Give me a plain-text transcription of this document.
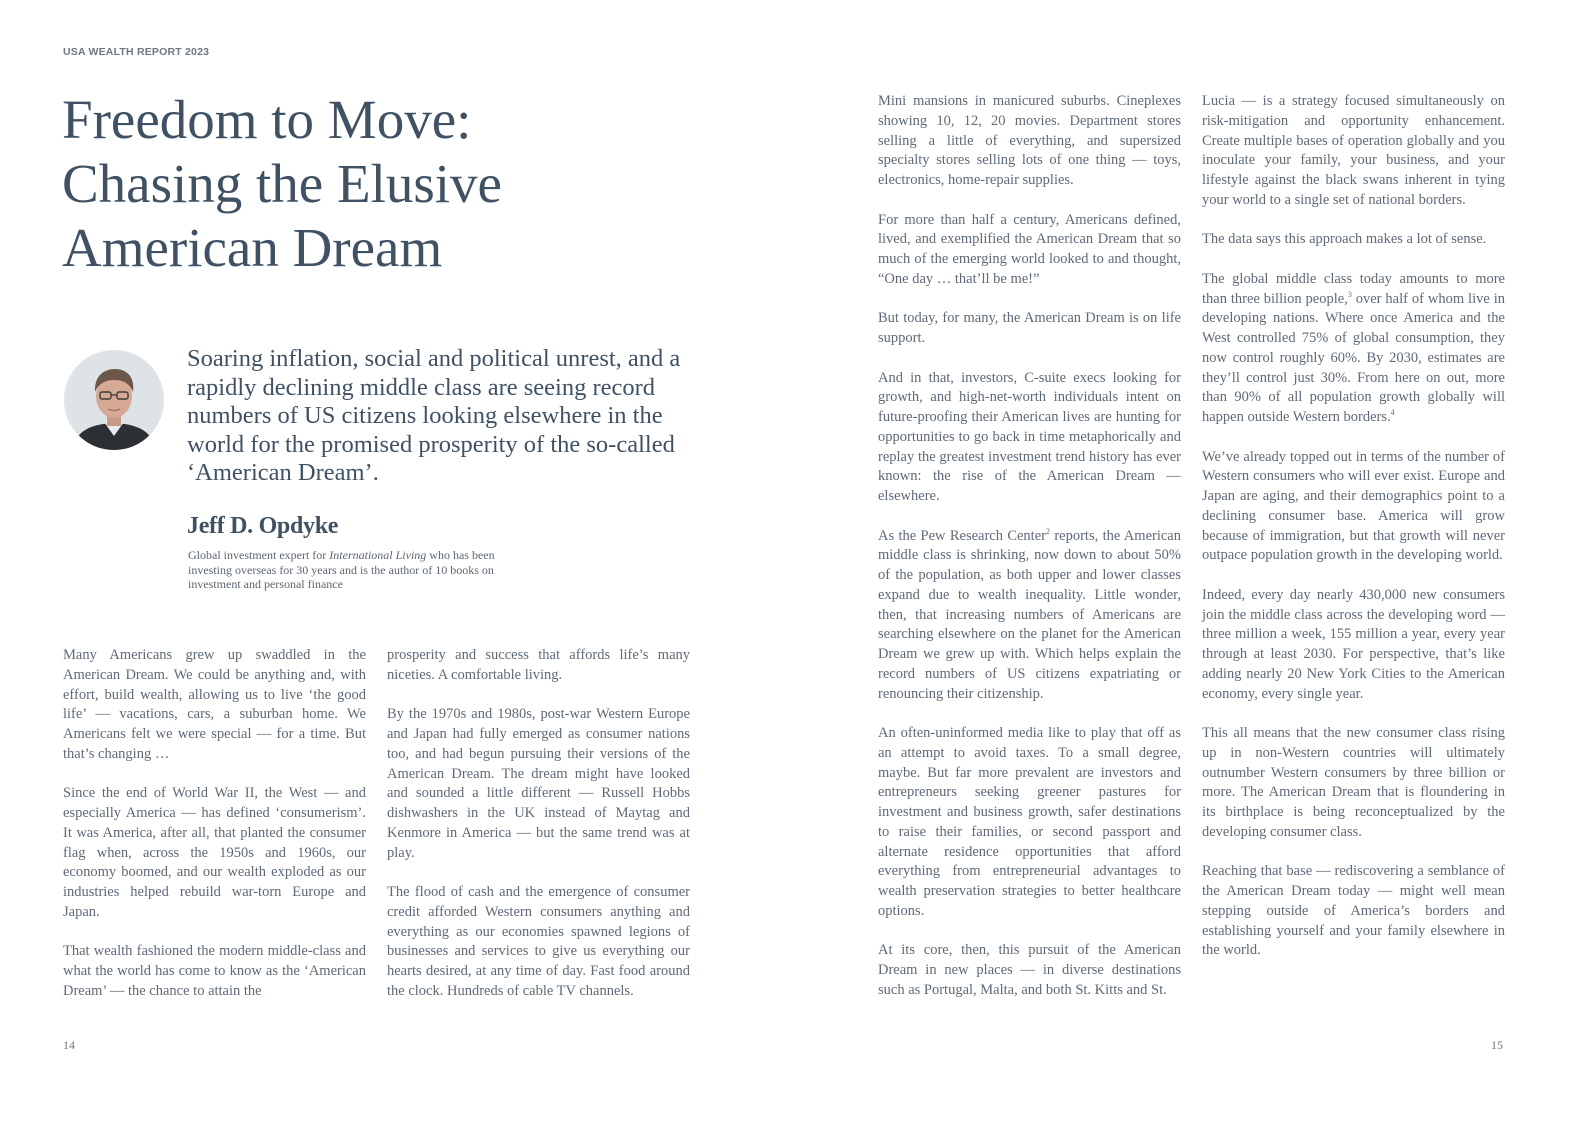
USA WEALTH REPORT 2023
Freedom to Move:
Chasing the Elusive
American Dream

Soaring inflation, social and political unrest, and a rapidly declining middle class are seeing record numbers of US citizens looking elsewhere in the world for the promised prosperity of the so-called ‘American Dream’.

Jeff D. Opdyke

Global investment expert for International Living who has been investing overseas for 30 years and is the author of 10 books on investment and personal finance

Many Americans grew up swaddled in the American Dream. We could be anything and, with effort, build wealth, allowing us to live ‘the good life’ — vacations, cars, a suburban home. We Americans felt we were special — for a time. But that’s changing …

Since the end of World War II, the West — and especially America — has defined ‘consumerism’. It was America, after all, that planted the consumer flag when, across the 1950s and 1960s, our economy boomed, and our wealth exploded as our industries helped rebuild war-torn Europe and Japan.

That wealth fashioned the modern middle-class and what the world has come to know as the ‘American Dream’ — the chance to attain the

prosperity and success that affords life’s many niceties. A comfortable living.

By the 1970s and 1980s, post-war Western Europe and Japan had fully emerged as consumer nations too, and had begun pursuing their versions of the American Dream. The dream might have looked and sounded a little different — Russell Hobbs dishwashers in the UK instead of Maytag and Kenmore in America — but the same trend was at play.

The flood of cash and the emergence of consumer credit afforded Western consumers anything and everything as our economies spawned legions of businesses and services to give us everything our hearts desired, at any time of day. Fast food around the clock. Hundreds of cable TV channels.

Mini mansions in manicured suburbs. Cineplexes showing 10, 12, 20 movies. Department stores selling a little of everything, and supersized specialty stores selling lots of one thing — toys, electronics, home-repair supplies.

For more than half a century, Americans defined, lived, and exemplified the American Dream that so much of the emerging world looked to and thought, “One day … that’ll be me!”

But today, for many, the American Dream is on life support.

And in that, investors, C-suite execs looking for growth, and high-net-worth individuals intent on future-proofing their American lives are hunting for opportunities to go back in time metaphorically and replay the greatest investment trend history has ever known: the rise of the American Dream — elsewhere.

As the Pew Research Center$^2$ reports, the American middle class is shrinking, now down to about 50% of the population, as both upper and lower classes expand due to wealth inequality. Little wonder, then, that increasing numbers of Americans are searching elsewhere on the planet for the American Dream we grew up with. Which helps explain the record numbers of US citizens expatriating or renouncing their citizenship.

An often-uninformed media like to play that off as an attempt to avoid taxes. To a small degree, maybe. But far more prevalent are investors and entrepreneurs seeking greener pastures for investment and business growth, safer destinations to raise their families, or second passport and alternate residence opportunities that afford everything from entrepreneurial advantages to wealth preservation strategies to better healthcare options.

At its core, then, this pursuit of the American Dream in new places — in diverse destinations such as Portugal, Malta, and both St. Kitts and St.

Lucia — is a strategy focused simultaneously on risk-mitigation and opportunity enhancement. Create multiple bases of operation globally and you inoculate your family, your business, and your lifestyle against the black swans inherent in tying your world to a single set of national borders.

The data says this approach makes a lot of sense.

The global middle class today amounts to more than three billion people,$^3$ over half of whom live in developing nations. Where once America and the West controlled 75% of global consumption, they now control roughly 60%. By 2030, estimates are they’ll control just 30%. From here on out, more than 90% of all population growth globally will happen outside Western borders.$^4$

We’ve already topped out in terms of the number of Western consumers who will ever exist. Europe and Japan are aging, and their demographics point to a declining consumer base. America will grow because of immigration, but that growth will never outpace population growth in the developing world.

Indeed, every day nearly 430,000 new consumers join the middle class across the developing word — three million a week, 155 million a year, every year through at least 2030. For perspective, that’s like adding nearly 20 New York Cities to the American economy, every single year.

This all means that the new consumer class rising up in non-Western countries will ultimately outnumber Western consumers by three billion or more. The American Dream that is floundering in its birthplace is being reconceptualized by the developing consumer class.

Reaching that base — rediscovering a semblance of the American Dream today — might well mean stepping outside of America’s borders and establishing yourself and your family elsewhere in the world.

14	15
